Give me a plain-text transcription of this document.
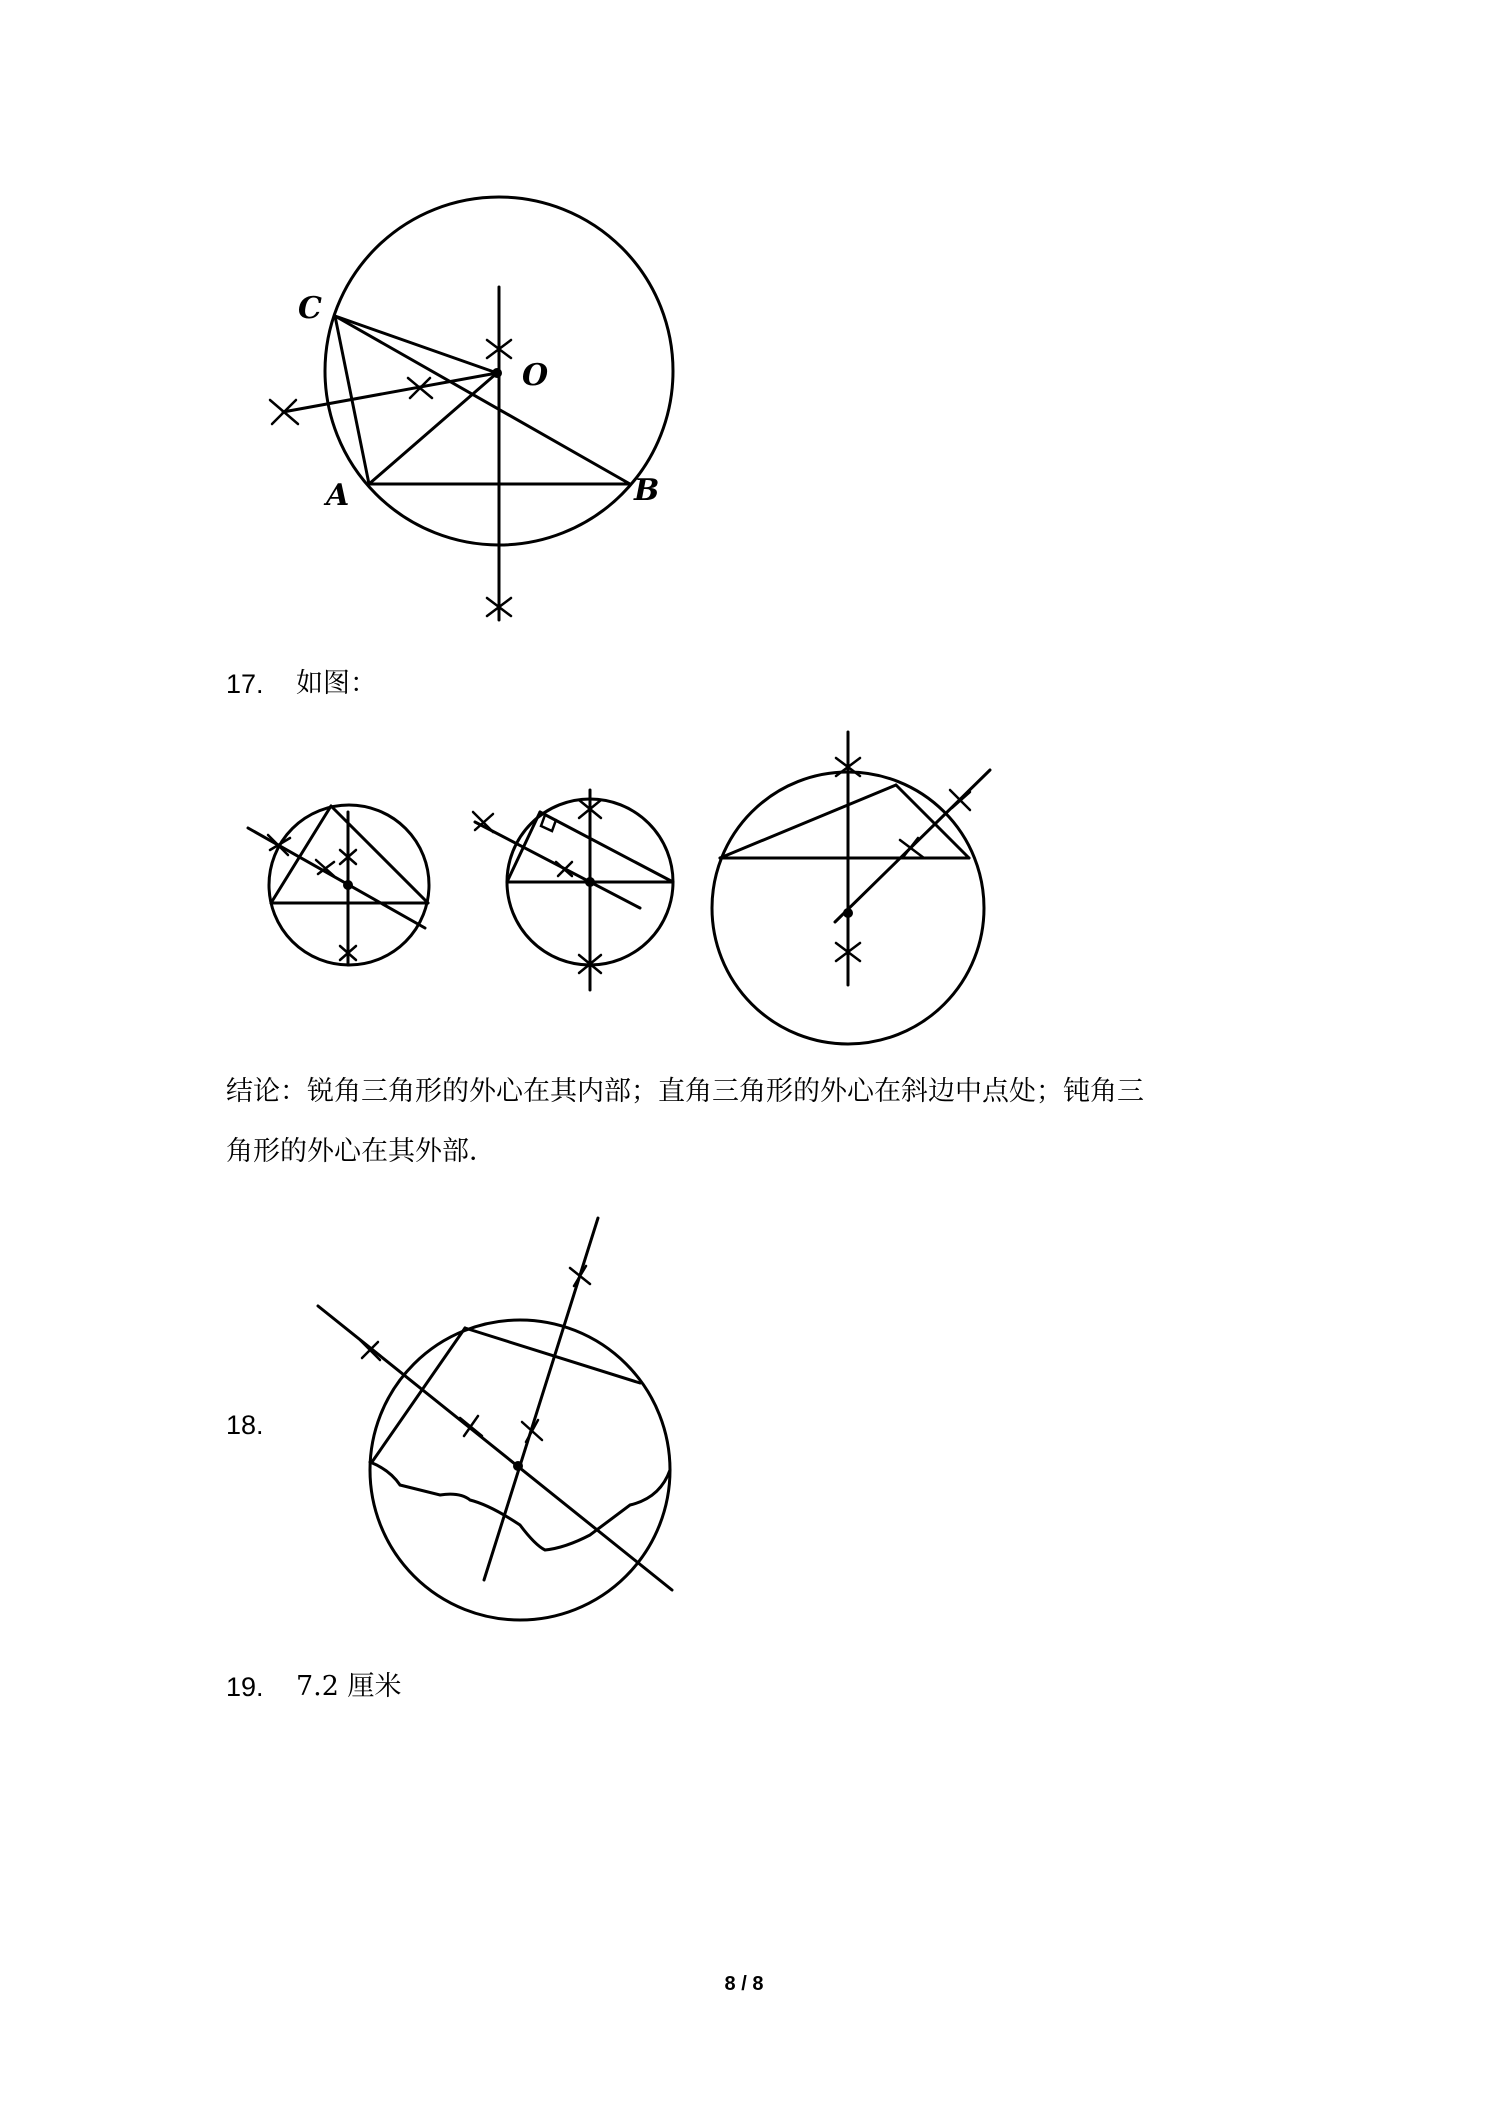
C
O
A	B
17. 如图：
结论：锐角三角形的外心在其内部；直角三角形的外心在斜边中点处；钝角三
角形的外心在其外部．
18.
19. 7.2 厘米
8 / 8
